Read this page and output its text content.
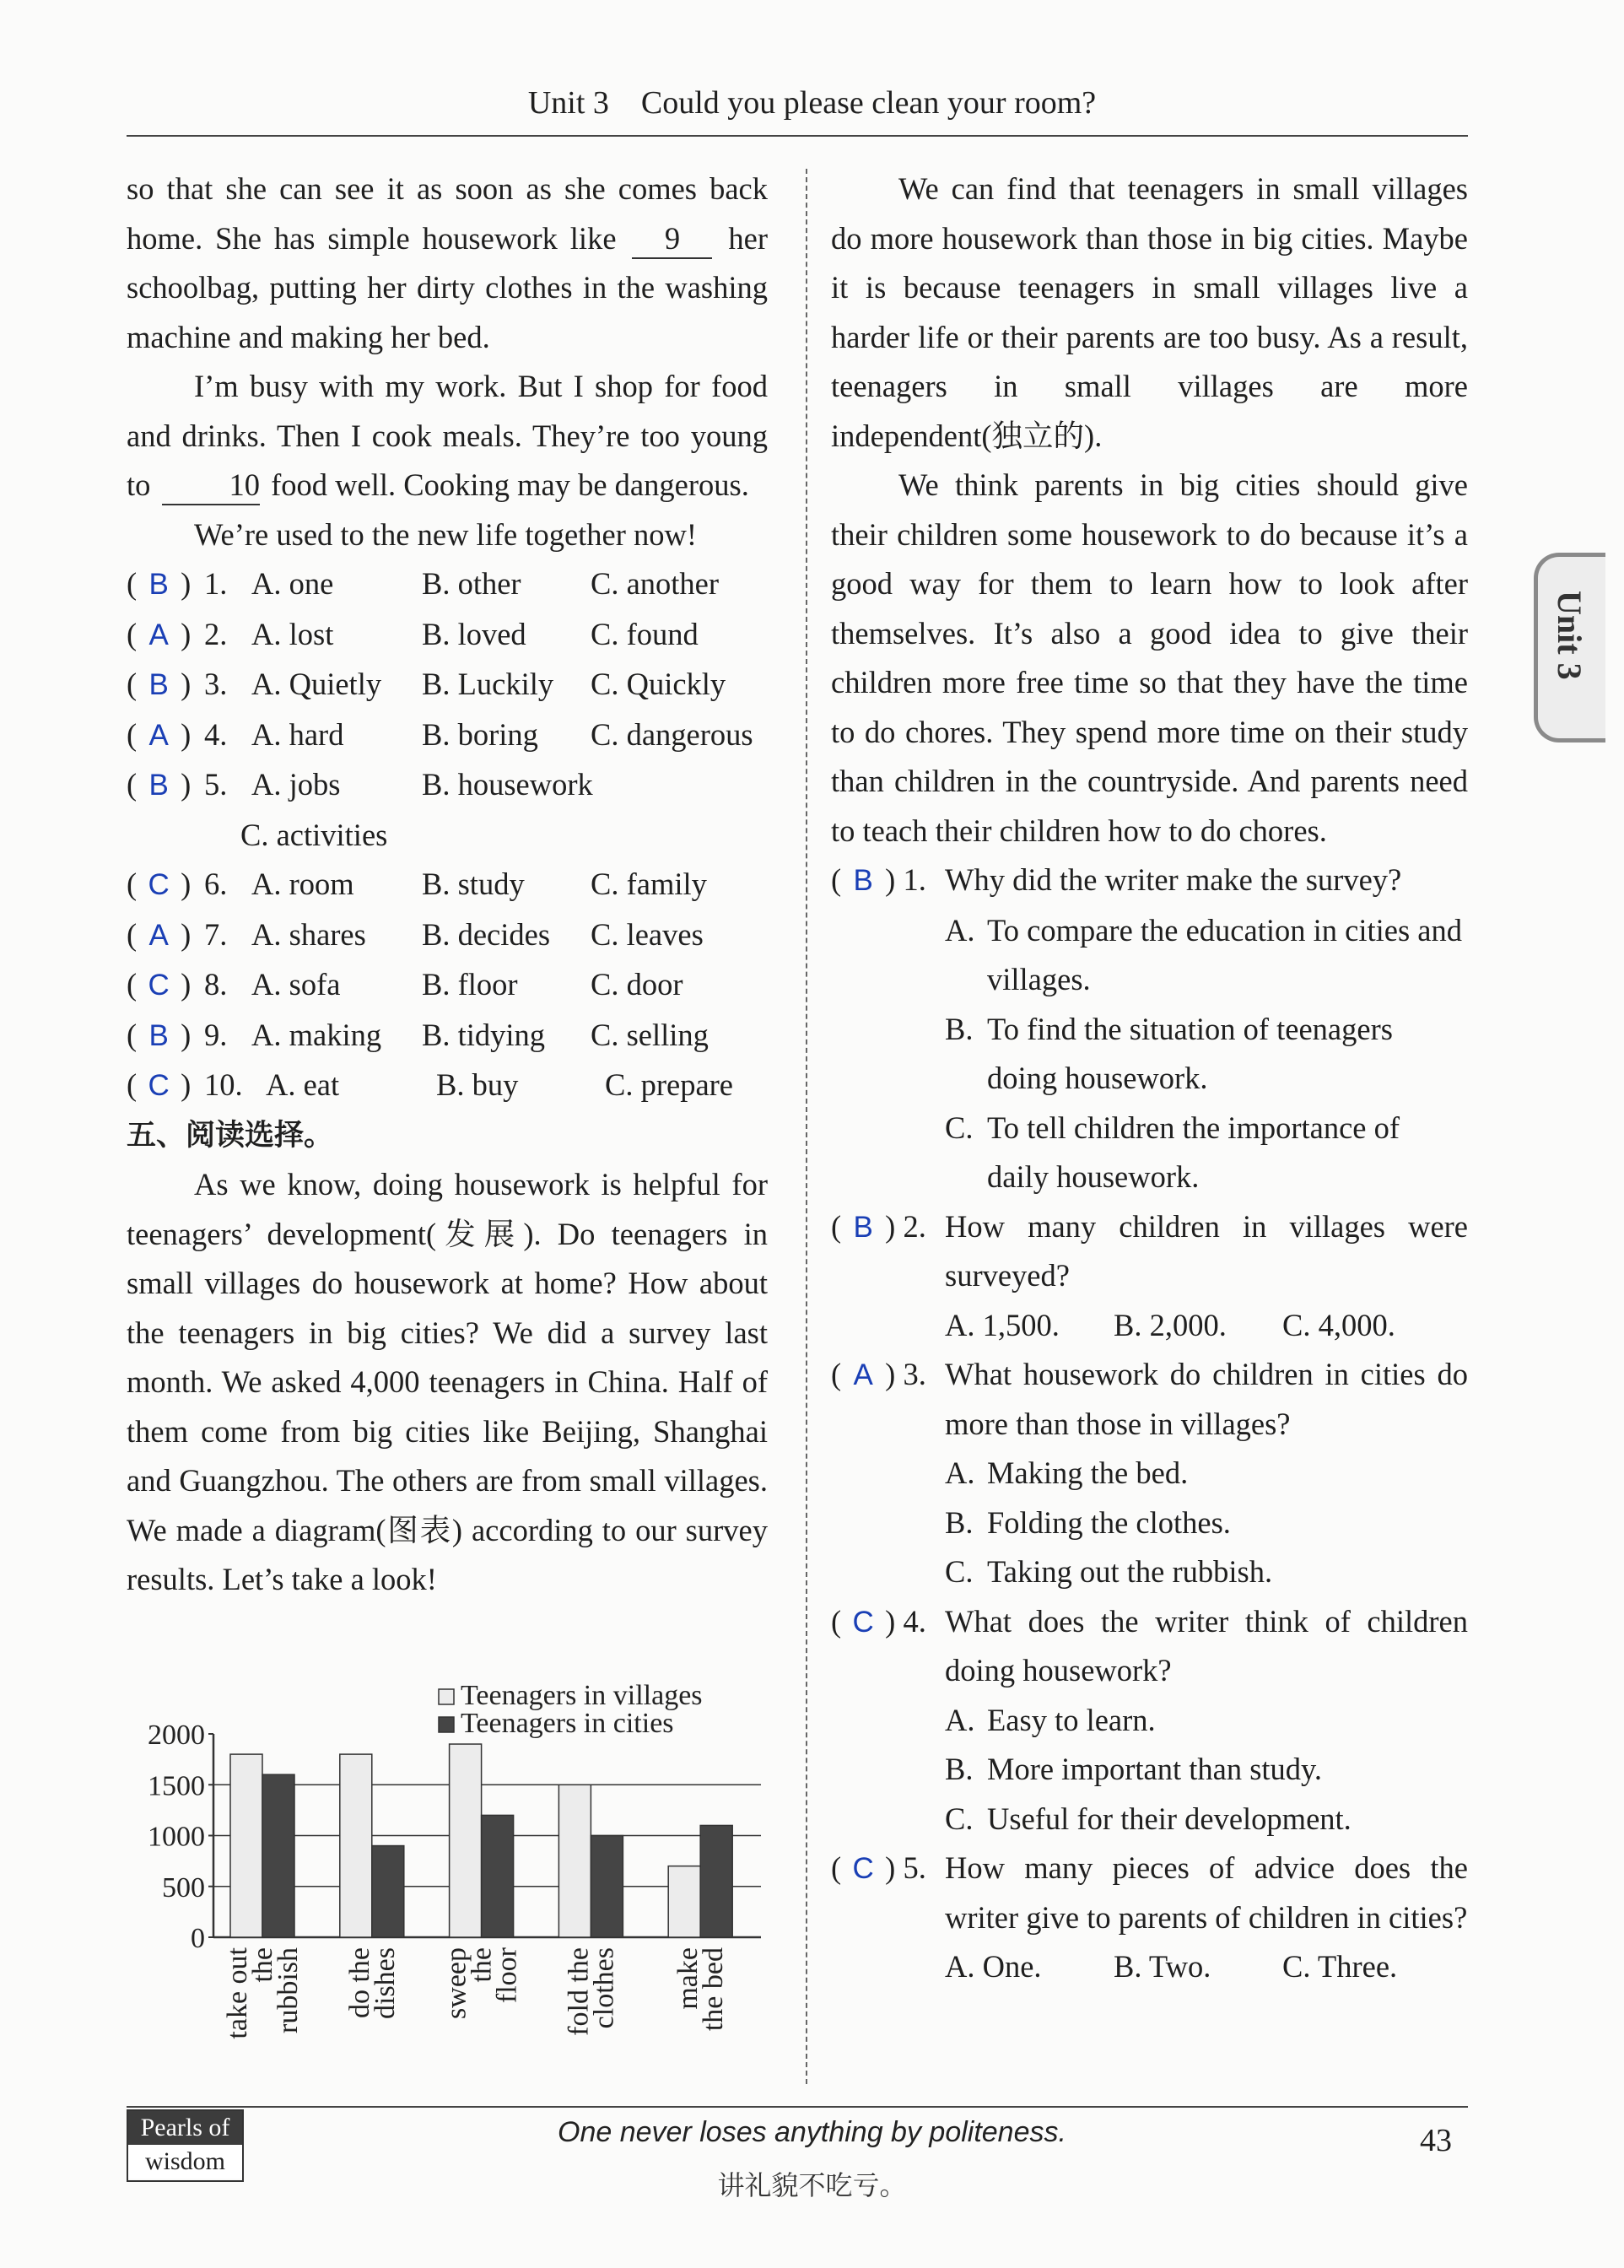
Unit 3 Could you please clean your room?
Unit 3

so that she can see it as soon as she comes back home. She has simple housework like 9 her schoolbag, putting her dirty clothes in the washing machine and making her bed.

I’m busy with my work. But I shop for food and drinks. Then I cook meals. They’re too young to	10 food well. Cooking may be dangerous.

We’re used to the new life together now!

( B ) 1. A. one	B. other	C. another
( A ) 2. A. lost	B. loved	C. found
( B ) 3. A. Quietly	B. Luckily	C. Quickly
( A ) 4. A. hard	B. boring	C. dangerous
( B ) 5. A. jobs	B. housework
C. activities
( C ) 6. A. room	B. study	C. family
( A ) 7. A. shares	B. decides	C. leaves
( C ) 8. A. sofa	B. floor	C. door
( B ) 9. A. making	B. tidying	C. selling
( C ) 10. A. eat	B. buy	C. prepare
五、阅读选择。

As we know, doing housework is helpful for teenagers’ development(发展). Do teenagers in small villages do housework at home? How about the teenagers in big cities? We did a survey last month. We asked 4,000 teenagers in China. Half of them come from big cities like Beijing, Shanghai and Guangzhou. The others are from small villages. We made a diagram(图表) according to our survey results. Let’s take a look!

Teenagers in villages
Teenagers in cities
2000
1500
1000
500
0
take out
the
rubbish do the
dishes sweep
the
floor fold the
clothes make
the bed

We can find that teenagers in small villages do more housework than those in big cities. Maybe it is because teenagers in small villages live a harder life or their parents are too busy. As a result, teenagers in small villages are more independent(独立的).

We think parents in big cities should give their children some housework to do because it’s a good way for them to learn how to look after themselves. It’s also a good idea to give their children more free time so that they have the time to do chores. They spend more time on their study than children in the countryside. And parents need to teach their children how to do chores.

( B ) 1. Why did the writer make the survey?
A. To compare the education in cities and villages.
B. To find the situation of teenagers doing housework.
C. To tell children the importance of daily housework.
( B ) 2. How many children in villages were surveyed?
A. 1,500. B. 2,000. C. 4,000.
( A ) 3. What housework do children in cities do more than those in villages?
A. Making the bed.
B. Folding the clothes.
C. Taking out the rubbish.
( C ) 4. What does the writer think of children doing housework?
A. Easy to learn.
B. More important than study.
C. Useful for their development.
( C ) 5. How many pieces of advice does the writer give to parents of children in cities?
A. One. B. Two. C. Three.
Pearls of
wisdom
One never loses anything by politeness.
讲礼貌不吃亏。
43
